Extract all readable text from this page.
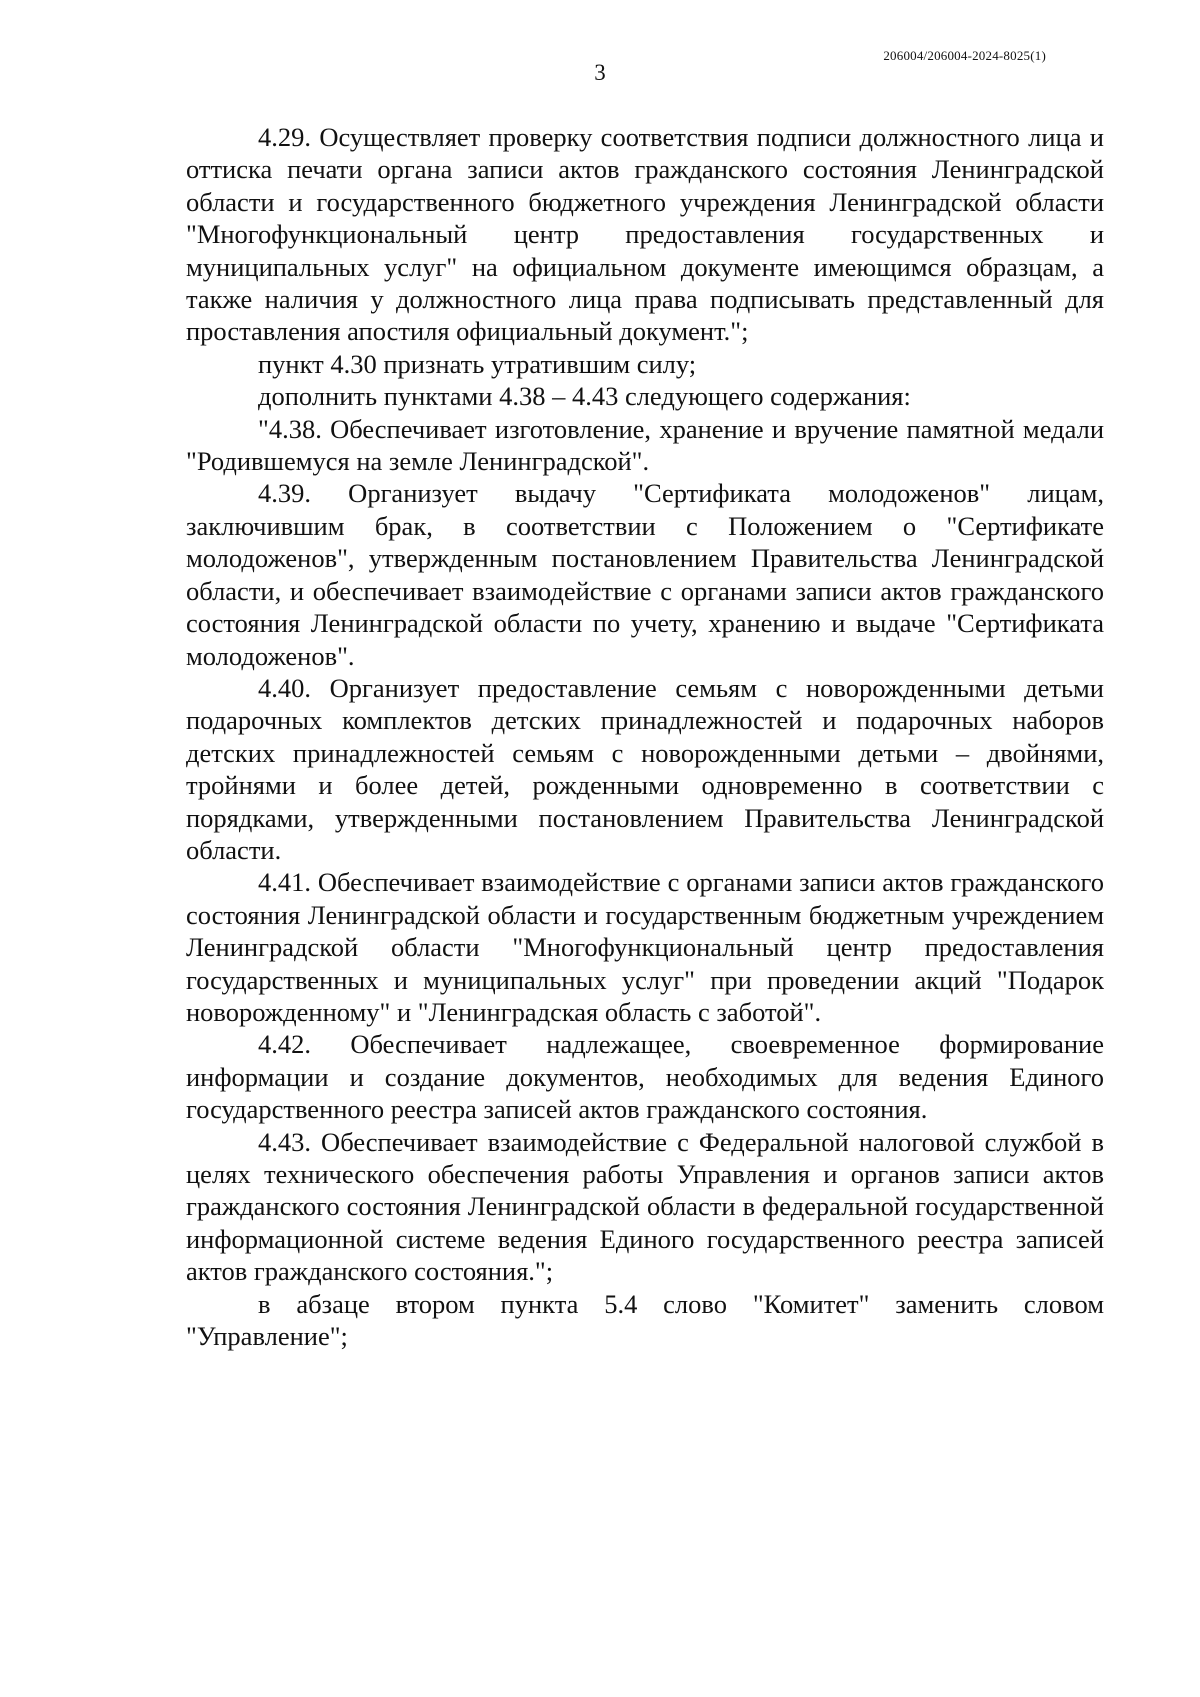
206004/206004-2024-8025(1)
3

4.29. Осуществляет проверку соответствия подписи должностного лица и оттиска печати органа записи актов гражданского состояния Ленинградской области и государственного бюджетного учреждения Ленинградской области "Многофункциональный центр предоставления государственных и муниципальных услуг" на официальном документе имеющимся образцам, а также наличия у должностного лица права подписывать представленный для проставления апостиля официальный документ.";

пункт 4.30 признать утратившим силу;

дополнить пунктами 4.38 – 4.43 следующего содержания:

"4.38. Обеспечивает изготовление, хранение и вручение памятной медали "Родившемуся на земле Ленинградской".

4.39. Организует выдачу "Сертификата молодоженов" лицам, заключившим брак, в соответствии с Положением о "Сертификате молодоженов", утвержденным постановлением Правительства Ленинградской области, и обеспечивает взаимодействие с органами записи актов гражданского состояния Ленинградской области по учету, хранению и выдаче "Сертификата молодоженов".

4.40. Организует предоставление семьям с новорожденными детьми подарочных комплектов детских принадлежностей и подарочных наборов детских принадлежностей семьям с новорожденными детьми – двойнями, тройнями и более детей, рожденными одновременно в соответствии с порядками, утвержденными постановлением Правительства Ленинградской области.

4.41. Обеспечивает взаимодействие с органами записи актов гражданского состояния Ленинградской области и государственным бюджетным учреждением Ленинградской области "Многофункциональный центр предоставления государственных и муниципальных услуг" при проведении акций "Подарок новорожденному" и "Ленинградская область с заботой".

4.42. Обеспечивает надлежащее, своевременное формирование информации и создание документов, необходимых для ведения Единого государственного реестра записей актов гражданского состояния.

4.43. Обеспечивает взаимодействие с Федеральной налоговой службой в целях технического обеспечения работы Управления и органов записи актов гражданского состояния Ленинградской области в федеральной государственной информационной системе ведения Единого государственного реестра записей актов гражданского состояния.";

в абзаце втором пункта 5.4 слово "Комитет" заменить словом "Управление";
